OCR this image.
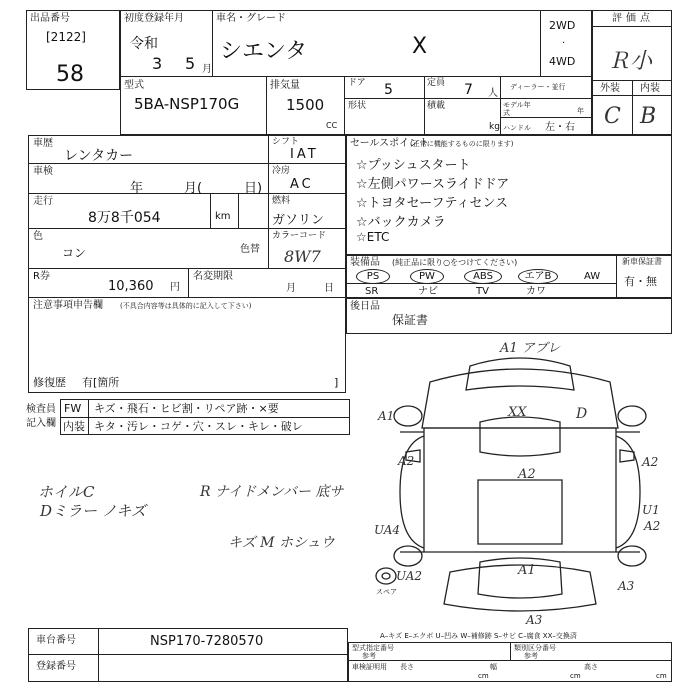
出品番号
[2122]
58
初度登録年月
令和
3 5 月
車名・グレード
シエンタ	X
2WD
·
4WD
型式
5BA-NSP170G
排気量
1500
CC
ドア 5	定員 7 人
ディーラー・並行
形状	積載
kg
モデル年式	年
ハンドル 左・右
評価点
Ｒ小
外装 内装
C B
車歴
レンタカー
シフト
IAT
車検
年	月(	日)
冷房
AC
走行
8万8千054	km
燃料
ガソリン
色
コン	色替
カラーコード
8W7
R券
10,360 円
名変期限
月	日
注意事項申告欄 (不具合内容等は具体的に記入して下さい)
修復歴 有[箇所	]
セールスポイント
(正常に機能するものに限ります)
☆プッシュスタート
☆左側パワースライドドア
☆トヨタセーフティセンス
☆バックカメラ
☆ETC
装備品 (純正品に限り○をつけてください)
PS	PW	ABS	エアB	AW
SR	ナビ	TV	カワ
新車保証書
有・無
後日品
保証書
検査員
記入欄
FW キズ・飛石・ヒビ割・リペア跡・×要
内装 キタ・汚レ・コゲ・穴・スレ・キレ・破レ
ホイルC
Dミラー ノキズ
R ナイドメンバー 底サ
キズ M ホシュウ
A1 アブレ
XX	D
A1
A2
A2
A2
U1
A2
UA4
UA2	A1
A3
A3
スペア
A–キズ E–エクボ U–凹み W–補修跡 S–サビ C–腐食 XX–交換済
車台番号	NSP170-7280570
登録番号
型式指定番号
参考
類別区分番号
参考
車検証明用 長さ
cm
幅
cm
高さ
cm
